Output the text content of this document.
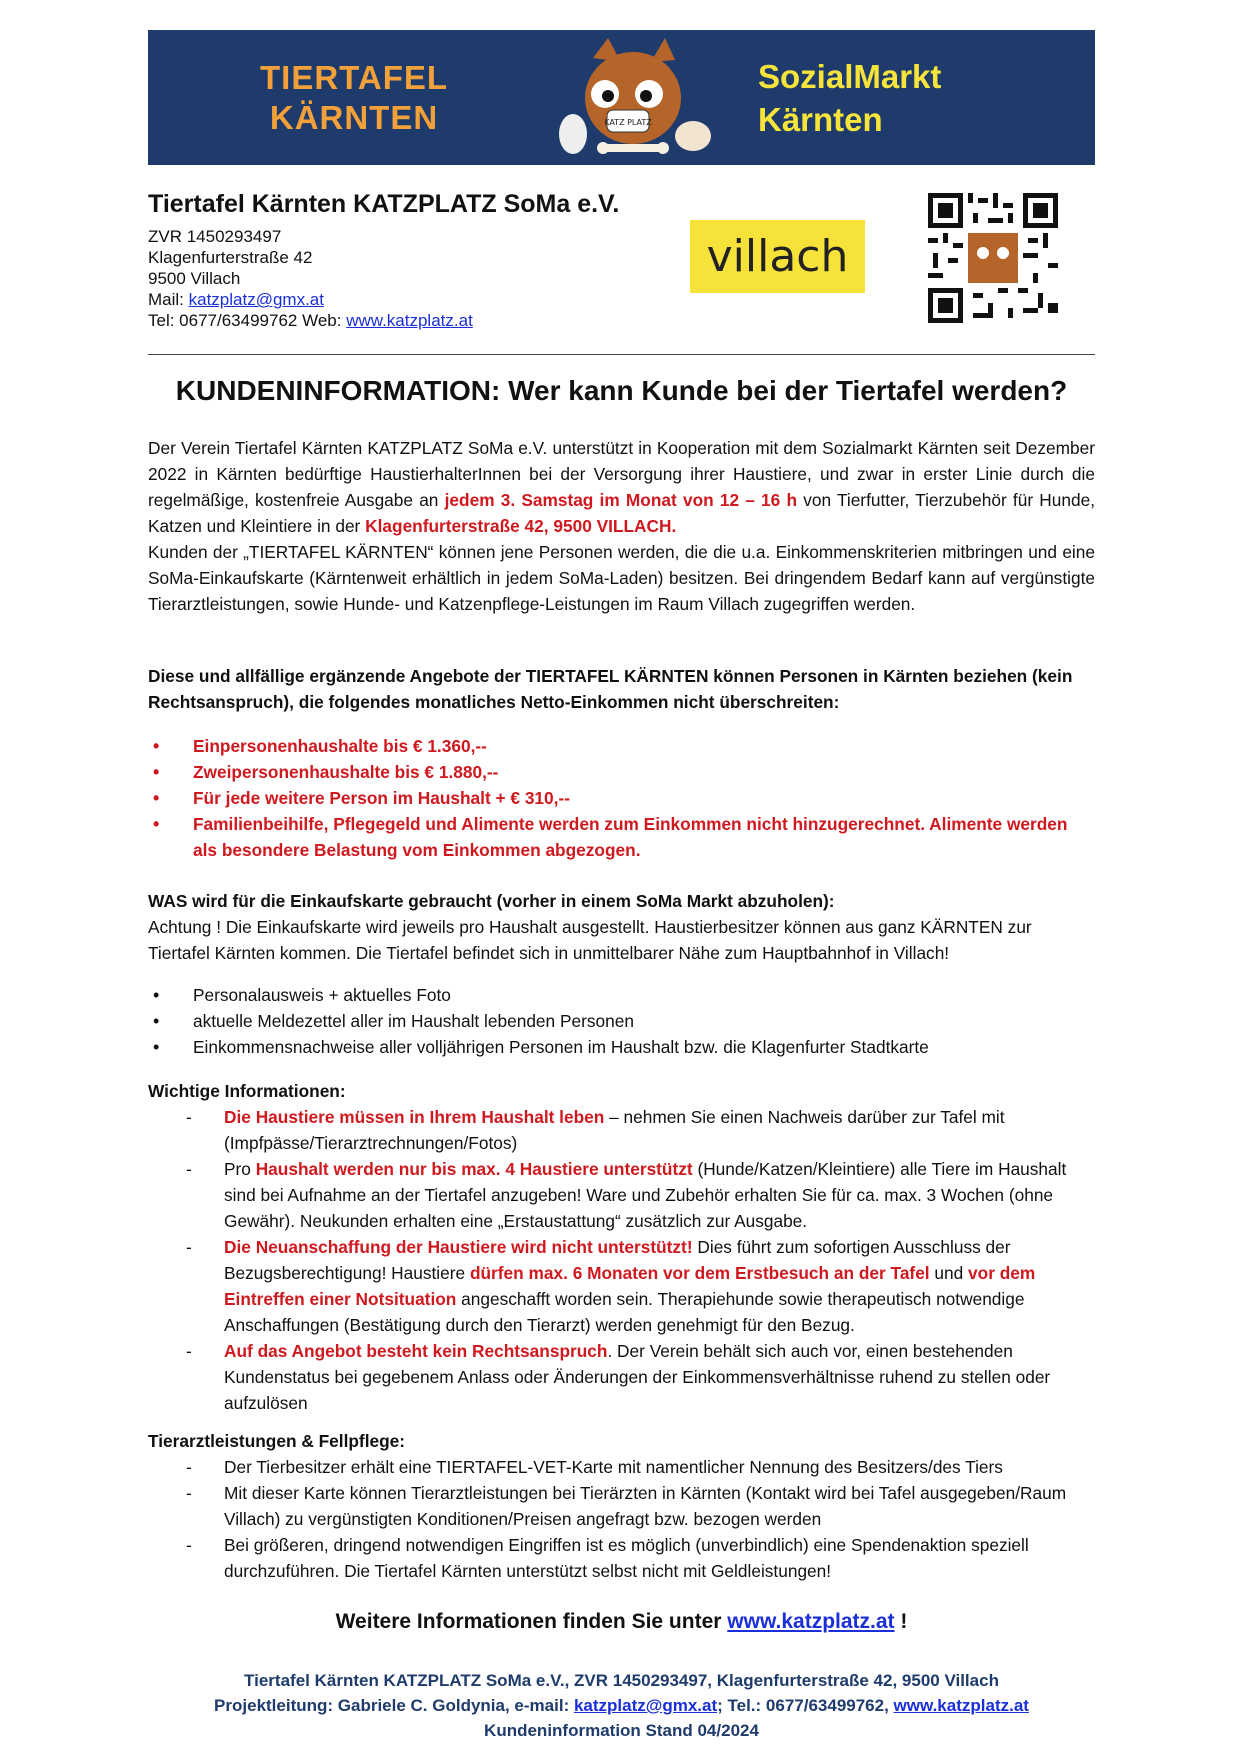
TIERTAFEL
KÄRNTEN	KATZ PLATZ
SozialMarkt
Kärnten
Tiertafel Kärnten KATZPLATZ SoMa e.V.
ZVR 1450293497
Klagenfurterstraße 42
9500 Villach
Mail: katzplatz@gmx.at
Tel: 0677/63499762 Web: www.katzplatz.at
villach
KUNDENINFORMATION: Wer kann Kunde bei der Tiertafel werden?
Der Verein Tiertafel Kärnten KATZPLATZ SoMa e.V. unterstützt in Kooperation mit dem Sozialmarkt Kärnten seit Dezember 2022 in Kärnten bedürftige HaustierhalterInnen bei der Versorgung ihrer Haustiere, und zwar in erster Linie durch die regelmäßige, kostenfreie Ausgabe an jedem 3. Samstag im Monat von 12 – 16 h von Tierfutter, Tierzubehör für Hunde, Katzen und Kleintiere in der Klagenfurterstraße 42, 9500 VILLACH.
Kunden der „TIERTAFEL KÄRNTEN“ können jene Personen werden, die die u.a. Einkommenskriterien mitbringen und eine SoMa-Einkaufskarte (Kärntenweit erhältlich in jedem SoMa-Laden) besitzen. Bei dringendem Bedarf kann auf vergünstigte Tierarztleistungen, sowie Hunde- und Katzenpflege-Leistungen im Raum Villach zugegriffen werden.
Diese und allfällige ergänzende Angebote der TIERTAFEL KÄRNTEN können Personen in Kärnten beziehen (kein Rechtsanspruch), die folgendes monatliches Netto-Einkommen nicht überschreiten:
• Einpersonenhaushalte bis € 1.360,--
• Zweipersonenhaushalte bis € 1.880,--
• Für jede weitere Person im Haushalt + € 310,--
• Familienbeihilfe, Pflegegeld und Alimente werden zum Einkommen nicht hinzugerechnet. Alimente werden als besondere Belastung vom Einkommen abgezogen.
WAS wird für die Einkaufskarte gebraucht (vorher in einem SoMa Markt abzuholen):
Achtung ! Die Einkaufskarte wird jeweils pro Haushalt ausgestellt. Haustierbesitzer können aus ganz KÄRNTEN zur Tiertafel Kärnten kommen. Die Tiertafel befindet sich in unmittelbarer Nähe zum Hauptbahnhof in Villach!
• Personalausweis + aktuelles Foto
• aktuelle Meldezettel aller im Haushalt lebenden Personen
• Einkommensnachweise aller volljährigen Personen im Haushalt bzw. die Klagenfurter Stadtkarte
Wichtige Informationen:
- Die Haustiere müssen in Ihrem Haushalt leben – nehmen Sie einen Nachweis darüber zur Tafel mit (Impfpässe/Tierarztrechnungen/Fotos)
- Pro Haushalt werden nur bis max. 4 Haustiere unterstützt (Hunde/Katzen/Kleintiere) alle Tiere im Haushalt sind bei Aufnahme an der Tiertafel anzugeben! Ware und Zubehör erhalten Sie für ca. max. 3 Wochen (ohne Gewähr). Neukunden erhalten eine „Erstaustattung“ zusätzlich zur Ausgabe.
- Die Neuanschaffung der Haustiere wird nicht unterstützt! Dies führt zum sofortigen Ausschluss der Bezugsberechtigung! Haustiere dürfen max. 6 Monaten vor dem Erstbesuch an der Tafel und vor dem Eintreffen einer Notsituation angeschafft worden sein. Therapiehunde sowie therapeutisch notwendige Anschaffungen (Bestätigung durch den Tierarzt) werden genehmigt für den Bezug.
- Auf das Angebot besteht kein Rechtsanspruch. Der Verein behält sich auch vor, einen bestehenden Kundenstatus bei gegebenem Anlass oder Änderungen der Einkommensverhältnisse ruhend zu stellen oder aufzulösen
Tierarztleistungen & Fellpflege:
- Der Tierbesitzer erhält eine TIERTAFEL-VET-Karte mit namentlicher Nennung des Besitzers/des Tiers
- Mit dieser Karte können Tierarztleistungen bei Tierärzten in Kärnten (Kontakt wird bei Tafel ausgegeben/Raum Villach) zu vergünstigten Konditionen/Preisen angefragt bzw. bezogen werden
- Bei größeren, dringend notwendigen Eingriffen ist es möglich (unverbindlich) eine Spendenaktion speziell durchzuführen. Die Tiertafel Kärnten unterstützt selbst nicht mit Geldleistungen!
Weitere Informationen finden Sie unter www.katzplatz.at !
Tiertafel Kärnten KATZPLATZ SoMa e.V., ZVR 1450293497, Klagenfurterstraße 42, 9500 Villach
Projektleitung: Gabriele C. Goldynia, e-mail: katzplatz@gmx.at; Tel.: 0677/63499762, www.katzplatz.at
Kundeninformation Stand 04/2024
